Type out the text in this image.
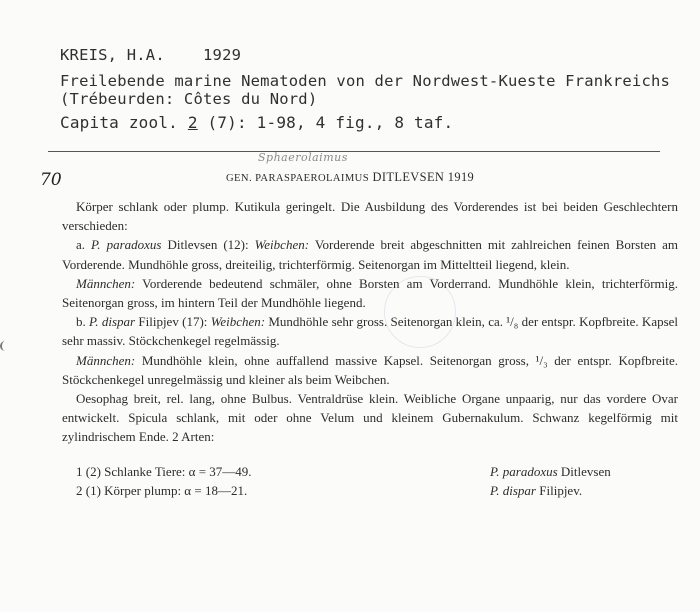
KREIS, H.A. 1929
Freilebende marine Nematoden von der Nordwest-Kueste Frankreichs
(Trébeurden: Côtes du Nord)
Capita zool. 2 (7): 1-98, 4 fig., 8 taf.
Sphaerolaimus
70	GEN. PARASPAEROLAIMUS DITLEVSEN 1919

Körper schlank oder plump. Kutikula geringelt. Die Ausbildung des Vorderendes ist bei beiden Geschlechtern verschieden:

a. P. paradoxus Ditlevsen (12): Weibchen: Vorderende breit abgeschnitten mit zahlreichen feinen Borsten am Vorderende. Mundhöhle gross, dreiteilig, trichterförmig. Seitenorgan im Mitteltteil liegend, klein.

Männchen: Vorderende bedeutend schmäler, ohne Borsten am Vorderrand. Mundhöhle klein, trichterförmig. Seitenorgan gross, im hintern Teil der Mundhöhle liegend.

b. P. dispar Filipjev (17): Weibchen: Mundhöhle sehr gross. Seitenorgan klein, ca. ¹/₈ der entspr. Kopfbreite. Kapsel sehr massiv. Stöckchenkegel regelmässig.

Männchen: Mundhöhle klein, ohne auffallend massive Kapsel. Seitenorgan gross, ¹/₃ der entspr. Kopfbreite. Stöckchenkegel unregelmässig und kleiner als beim Weibchen.

Oesophag breit, rel. lang, ohne Bulbus. Ventraldrüse klein. Weibliche Organe unpaarig, nur das vordere Ovar entwickelt. Spicula schlank, mit oder ohne Velum und kleinem Gubernakulum. Schwanz kegelförmig mit zylindrischem Ende. 2 Arten:

1 (2) Schlanke Tiere: α = 37—49.	P. paradoxus Ditlevsen
2 (1) Körper plump: α = 18—21.	P. dispar Filipjev.
